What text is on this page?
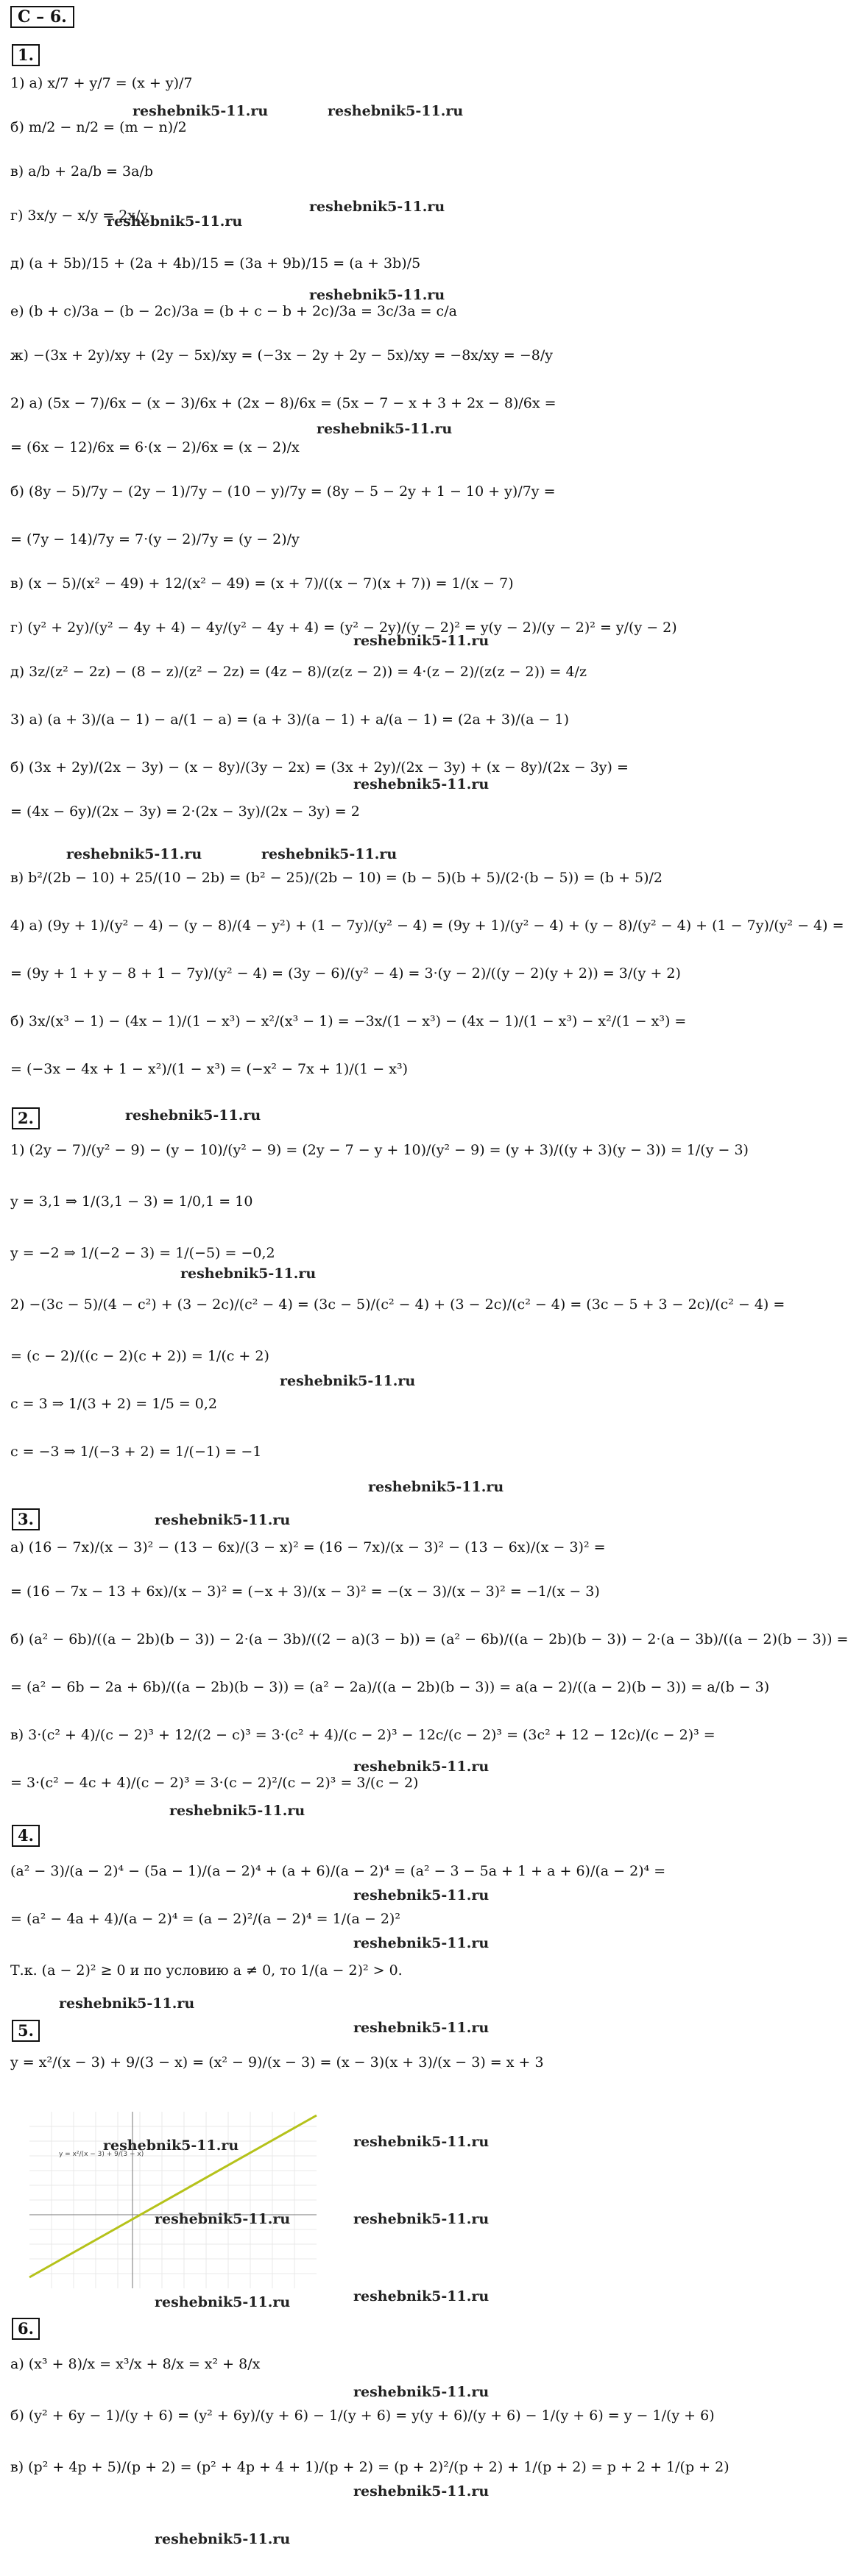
С – 6.
1.
1) а) x/7 + y/7 = (x + y)/7
б) m/2 − n/2 = (m − n)/2
в) a/b + 2a/b = 3a/b
г) 3x/y − x/y = 2x/y
д) (a + 5b)/15 + (2a + 4b)/15 = (3a + 9b)/15 = (a + 3b)/5
е) (b + c)/3a − (b − 2c)/3a = (b + c − b + 2c)/3a = 3c/3a = c/a
ж) −(3x + 2y)/xy + (2y − 5x)/xy = (−3x − 2y + 2y − 5x)/xy = −8x/xy = −8/y
2) а) (5x − 7)/6x − (x − 3)/6x + (2x − 8)/6x = (5x − 7 − x + 3 + 2x − 8)/6x =
= (6x − 12)/6x = 6·(x − 2)/6x = (x − 2)/x
б) (8y − 5)/7y − (2y − 1)/7y − (10 − y)/7y = (8y − 5 − 2y + 1 − 10 + y)/7y =
= (7y − 14)/7y = 7·(y − 2)/7y = (y − 2)/y
в) (x − 5)/(x² − 49) + 12/(x² − 49) = (x + 7)/((x − 7)(x + 7)) = 1/(x − 7)
г) (y² + 2y)/(y² − 4y + 4) − 4y/(y² − 4y + 4) = (y² − 2y)/(y − 2)² = y(y − 2)/(y − 2)² = y/(y − 2)
д) 3z/(z² − 2z) − (8 − z)/(z² − 2z) = (4z − 8)/(z(z − 2)) = 4·(z − 2)/(z(z − 2)) = 4/z
3) а) (a + 3)/(a − 1) − a/(1 − a) = (a + 3)/(a − 1) + a/(a − 1) = (2a + 3)/(a − 1)
б) (3x + 2y)/(2x − 3y) − (x − 8y)/(3y − 2x) = (3x + 2y)/(2x − 3y) + (x − 8y)/(2x − 3y) =
= (4x − 6y)/(2x − 3y) = 2·(2x − 3y)/(2x − 3y) = 2
в) b²/(2b − 10) + 25/(10 − 2b) = (b² − 25)/(2b − 10) = (b − 5)(b + 5)/(2·(b − 5)) = (b + 5)/2
4) а) (9y + 1)/(y² − 4) − (y − 8)/(4 − y²) + (1 − 7y)/(y² − 4) = (9y + 1)/(y² − 4) + (y − 8)/(y² − 4) + (1 − 7y)/(y² − 4) =
= (9y + 1 + y − 8 + 1 − 7y)/(y² − 4) = (3y − 6)/(y² − 4) = 3·(y − 2)/((y − 2)(y + 2)) = 3/(y + 2)
б) 3x/(x³ − 1) − (4x − 1)/(1 − x³) − x²/(x³ − 1) = −3x/(1 − x³) − (4x − 1)/(1 − x³) − x²/(1 − x³) =
= (−3x − 4x + 1 − x²)/(1 − x³) = (−x² − 7x + 1)/(1 − x³)
2.
1) (2y − 7)/(y² − 9) − (y − 10)/(y² − 9) = (2y − 7 − y + 10)/(y² − 9) = (y + 3)/((y + 3)(y − 3)) = 1/(y − 3)
y = 3,1 ⇒ 1/(3,1 − 3) = 1/0,1 = 10
y = −2 ⇒ 1/(−2 − 3) = 1/(−5) = −0,2
2) −(3c − 5)/(4 − c²) + (3 − 2c)/(c² − 4) = (3c − 5)/(c² − 4) + (3 − 2c)/(c² − 4) = (3c − 5 + 3 − 2c)/(c² − 4) =
= (c − 2)/((c − 2)(c + 2)) = 1/(c + 2)
c = 3 ⇒ 1/(3 + 2) = 1/5 = 0,2
c = −3 ⇒ 1/(−3 + 2) = 1/(−1) = −1
3.
а) (16 − 7x)/(x − 3)² − (13 − 6x)/(3 − x)² = (16 − 7x)/(x − 3)² − (13 − 6x)/(x − 3)² =
= (16 − 7x − 13 + 6x)/(x − 3)² = (−x + 3)/(x − 3)² = −(x − 3)/(x − 3)² = −1/(x − 3)
б) (a² − 6b)/((a − 2b)(b − 3)) − 2·(a − 3b)/((2 − a)(3 − b)) = (a² − 6b)/((a − 2b)(b − 3)) − 2·(a − 3b)/((a − 2)(b − 3)) =
= (a² − 6b − 2a + 6b)/((a − 2b)(b − 3)) = (a² − 2a)/((a − 2b)(b − 3)) = a(a − 2)/((a − 2)(b − 3)) = a/(b − 3)
в) 3·(c² + 4)/(c − 2)³ + 12/(2 − c)³ = 3·(c² + 4)/(c − 2)³ − 12c/(c − 2)³ = (3c² + 12 − 12c)/(c − 2)³ =
= 3·(c² − 4c + 4)/(c − 2)³ = 3·(c − 2)²/(c − 2)³ = 3/(c − 2)
4.
(a² − 3)/(a − 2)⁴ − (5a − 1)/(a − 2)⁴ + (a + 6)/(a − 2)⁴ = (a² − 3 − 5a + 1 + a + 6)/(a − 2)⁴ =
= (a² − 4a + 4)/(a − 2)⁴ = (a − 2)²/(a − 2)⁴ = 1/(a − 2)²
Т.к. (a − 2)² ≥ 0 и по условию a ≠ 0, то 1/(a − 2)² > 0.
5.
y = x²/(x − 3) + 9/(3 − x) = (x² − 9)/(x − 3) = (x − 3)(x + 3)/(x − 3) = x + 3
y = x²/(x − 3) + 9/(3 − x)
6.
а) (x³ + 8)/x = x³/x + 8/x = x² + 8/x
б) (y² + 6y − 1)/(y + 6) = (y² + 6y)/(y + 6) − 1/(y + 6) = y(y + 6)/(y + 6) − 1/(y + 6) = y − 1/(y + 6)
в) (p² + 4p + 5)/(p + 2) = (p² + 4p + 4 + 1)/(p + 2) = (p + 2)²/(p + 2) + 1/(p + 2) = p + 2 + 1/(p + 2)
reshebnik5-11.ru	reshebnik5-11.ru
reshebnik5-11.ru
reshebnik5-11.ru
reshebnik5-11.ru
reshebnik5-11.ru
reshebnik5-11.ru
reshebnik5-11.ru
reshebnik5-11.ru	reshebnik5-11.ru
reshebnik5-11.ru
reshebnik5-11.ru
reshebnik5-11.ru
reshebnik5-11.ru
reshebnik5-11.ru
reshebnik5-11.ru
reshebnik5-11.ru
reshebnik5-11.ru
reshebnik5-11.ru
reshebnik5-11.ru
reshebnik5-11.ru
reshebnik5-11.ru
reshebnik5-11.ru
reshebnik5-11.ru	reshebnik5-11.ru
reshebnik5-11.ru
reshebnik5-11.ru
reshebnik5-11.ru
reshebnik5-11.ru
reshebnik5-11.ru
